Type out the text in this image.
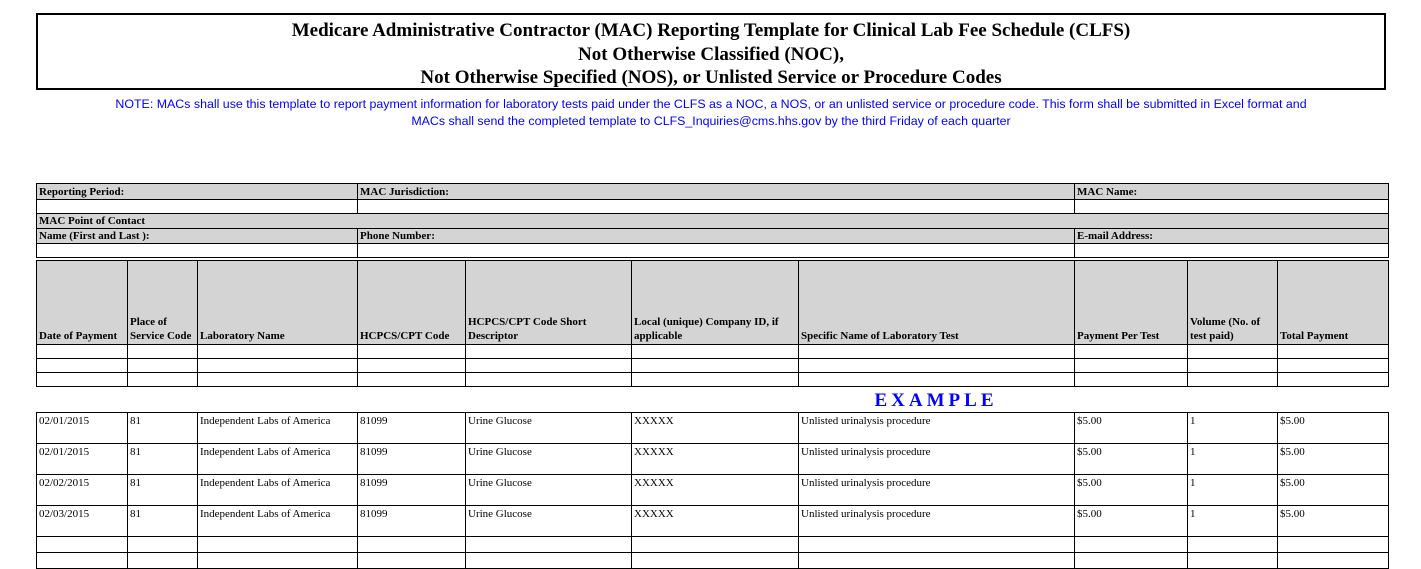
Medicare Administrative Contractor (MAC) Reporting Template for Clinical Lab Fee Schedule (CLFS)
Not Otherwise Classified (NOC),
Not Otherwise Specified (NOS), or Unlisted Service or Procedure Codes
NOTE: MACs shall use this template to report payment information for laboratory tests paid under the CLFS as a NOC, a NOS, or an unlisted service or procedure code. This form shall be submitted in Excel format and
MACs shall send the completed template to CLFS_Inquiries@cms.hhs.gov by the third Friday of each quarter
Reporting Period:	MAC Jurisdiction:	MAC Name:

MAC Point of Contact		
Name (First and Last ):	Phone Number:	E-mail Address:

Date of Payment	Place of Service Code	Laboratory Name	HCPCS/CPT Code	HCPCS/CPT Code Short Descriptor	Local (unique) Company ID, if applicable	Specific Name of Laboratory Test	Payment Per Test	Volume (No. of test paid)	Total Payment

EXAMPLE
02/01/2015	81	Independent Labs of America	81099	Urine Glucose	XXXXX	Unlisted urinalysis procedure	$5.00	1	$5.00
02/01/2015	81	Independent Labs of America	81099	Urine Glucose	XXXXX	Unlisted urinalysis procedure	$5.00	1	$5.00
02/02/2015	81	Independent Labs of America	81099	Urine Glucose	XXXXX	Unlisted urinalysis procedure	$5.00	1	$5.00
02/03/2015	81	Independent Labs of America	81099	Urine Glucose	XXXXX	Unlisted urinalysis procedure	$5.00	1	$5.00
